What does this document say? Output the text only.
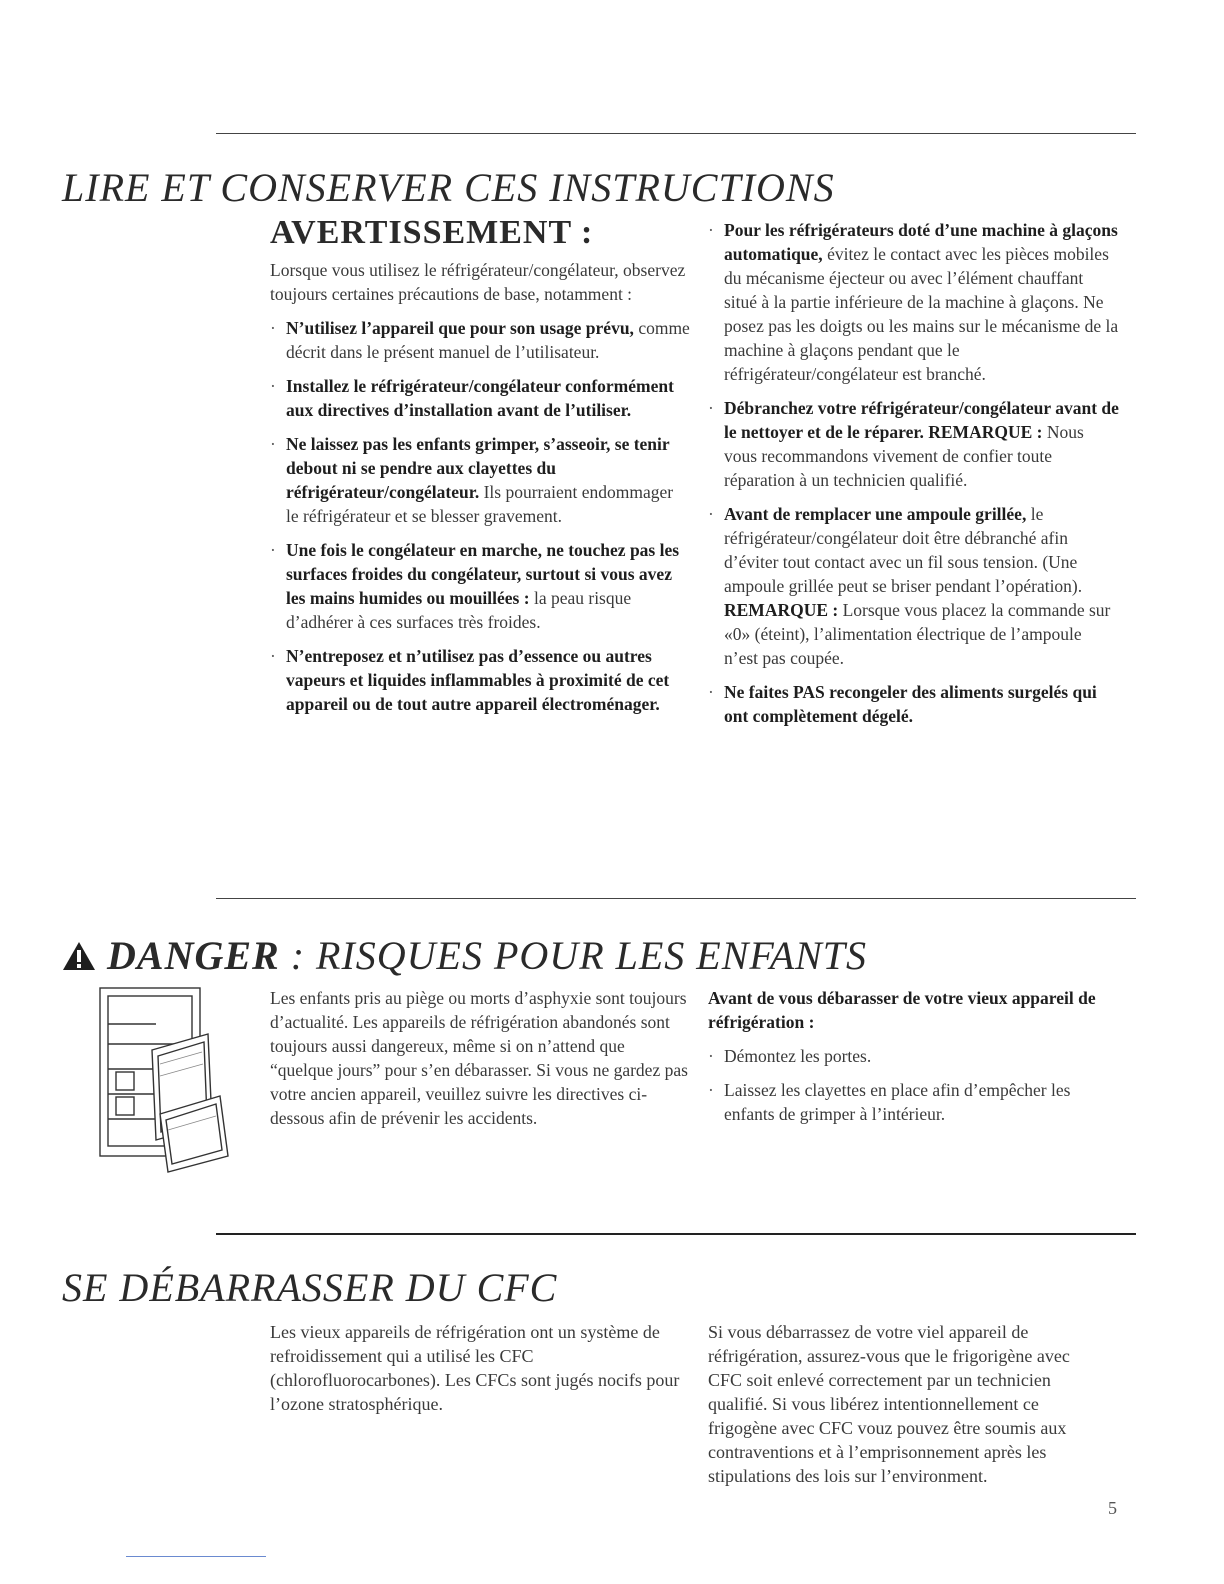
LIRE ET CONSERVER CES INSTRUCTIONS
AVERTISSEMENT :

Lorsque vous utilisez le réfrigérateur/congélateur, observez toujours certaines précautions de base, notamment :

· N’utilisez l’appareil que pour son usage prévu, comme décrit dans le présent manuel de l’utilisateur.
· Installez le réfrigérateur/congélateur conformément aux directives d’installation avant de l’utiliser.
· Ne laissez pas les enfants grimper, s’asseoir, se tenir debout ni se pendre aux clayettes du réfrigérateur/congélateur. Ils pourraient endommager le réfrigérateur et se blesser gravement.
· Une fois le congélateur en marche, ne touchez pas les surfaces froides du congélateur, surtout si vous avez les mains humides ou mouillées : la peau risque d’adhérer à ces surfaces très froides.
· N’entreposez et n’utilisez pas d’essence ou autres vapeurs et liquides inflammables à proximité de cet appareil ou de tout autre appareil électroménager.
· Pour les réfrigérateurs doté d’une machine à glaçons automatique, évitez le contact avec les pièces mobiles du mécanisme éjecteur ou avec l’élément chauffant situé à la partie inférieure de la machine à glaçons. Ne posez pas les doigts ou les mains sur le mécanisme de la machine à glaçons pendant que le réfrigérateur/congélateur est branché.
· Débranchez votre réfrigérateur/congélateur avant de le nettoyer et de le réparer. REMARQUE : Nous vous recommandons vivement de confier toute réparation à un technicien qualifié.
· Avant de remplacer une ampoule grillée, le réfrigérateur/congélateur doit être débranché afin d’éviter tout contact avec un fil sous tension. (Une ampoule grillée peut se briser pendant l’opération). REMARQUE : Lorsque vous placez la commande sur «0» (éteint), l’alimentation électrique de l’ampoule n’est pas coupée.
· Ne faites PAS recongeler des aliments surgelés qui ont complètement dégelé.
DANGER : RISQUES POUR LES ENFANTS

Les enfants pris au piège ou morts d’asphyxie sont toujours d’actualité. Les appareils de réfrigération abandonés sont toujours aussi dangereux, même si on n’attend que “quelque jours” pour s’en débarasser. Si vous ne gardez pas votre ancien appareil, veuillez suivre les directives ci-dessous afin de prévenir les accidents.

Avant de vous débarasser de votre vieux appareil de réfrigération :

· Démontez les portes.
· Laissez les clayettes en place afin d’empêcher les enfants de grimper à l’intérieur.
SE DÉBARRASSER DU CFC

Les vieux appareils de réfrigération ont un système de refroidissement qui a utilisé les CFC (chlorofluorocarbones). Les CFCs sont jugés nocifs pour l’ozone stratosphérique.

Si vous débarrassez de votre viel appareil de réfrigération, assurez-vous que le frigorigène avec CFC soit enlevé correctement par un technicien qualifié. Si vous libérez intentionnellement ce frigogène avec CFC vouz pouvez être soumis aux contraventions et à l’emprisonnement après les stipulations des lois sur l’environment.

5
